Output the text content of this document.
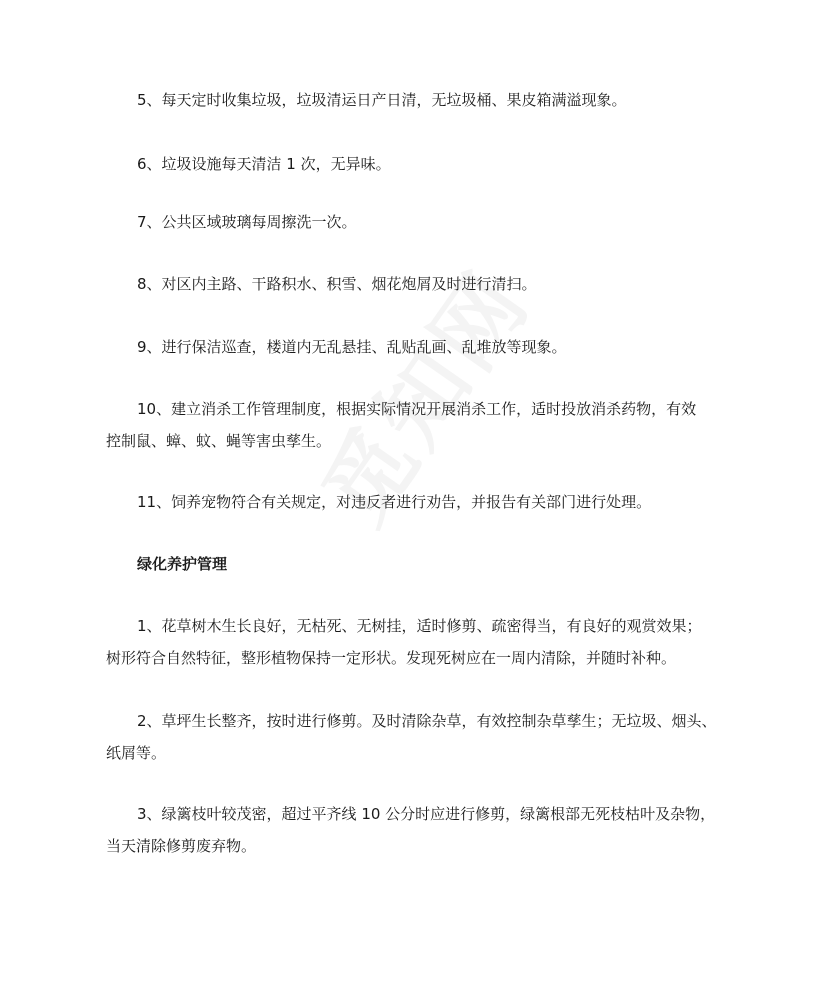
5、每天定时收集垃圾，垃圾清运日产日清，无垃圾桶、果皮箱满溢现象。

6、垃圾设施每天清洁 1 次，无异味。

7、公共区域玻璃每周擦洗一次。

8、对区内主路、干路积水、积雪、烟花炮屑及时进行清扫。

9、进行保洁巡查，楼道内无乱悬挂、乱贴乱画、乱堆放等现象。

10、建立消杀工作管理制度，根据实际情况开展消杀工作，适时投放消杀药物，有效
控制鼠、蟑、蚊、蝇等害虫孳生。

11、饲养宠物符合有关规定，对违反者进行劝告，并报告有关部门进行处理。

绿化养护管理
1、花草树木生长良好，无枯死、无树挂，适时修剪、疏密得当，有良好的观赏效果；
树形符合自然特征，整形植物保持一定形状。发现死树应在一周内清除，并随时补种。
2、草坪生长整齐，按时进行修剪。及时清除杂草，有效控制杂草孳生；无垃圾、烟头、
纸屑等。
3、绿篱枝叶较茂密，超过平齐线 10 公分时应进行修剪，绿篱根部无死枝枯叶及杂物，
当天清除修剪废弃物。
